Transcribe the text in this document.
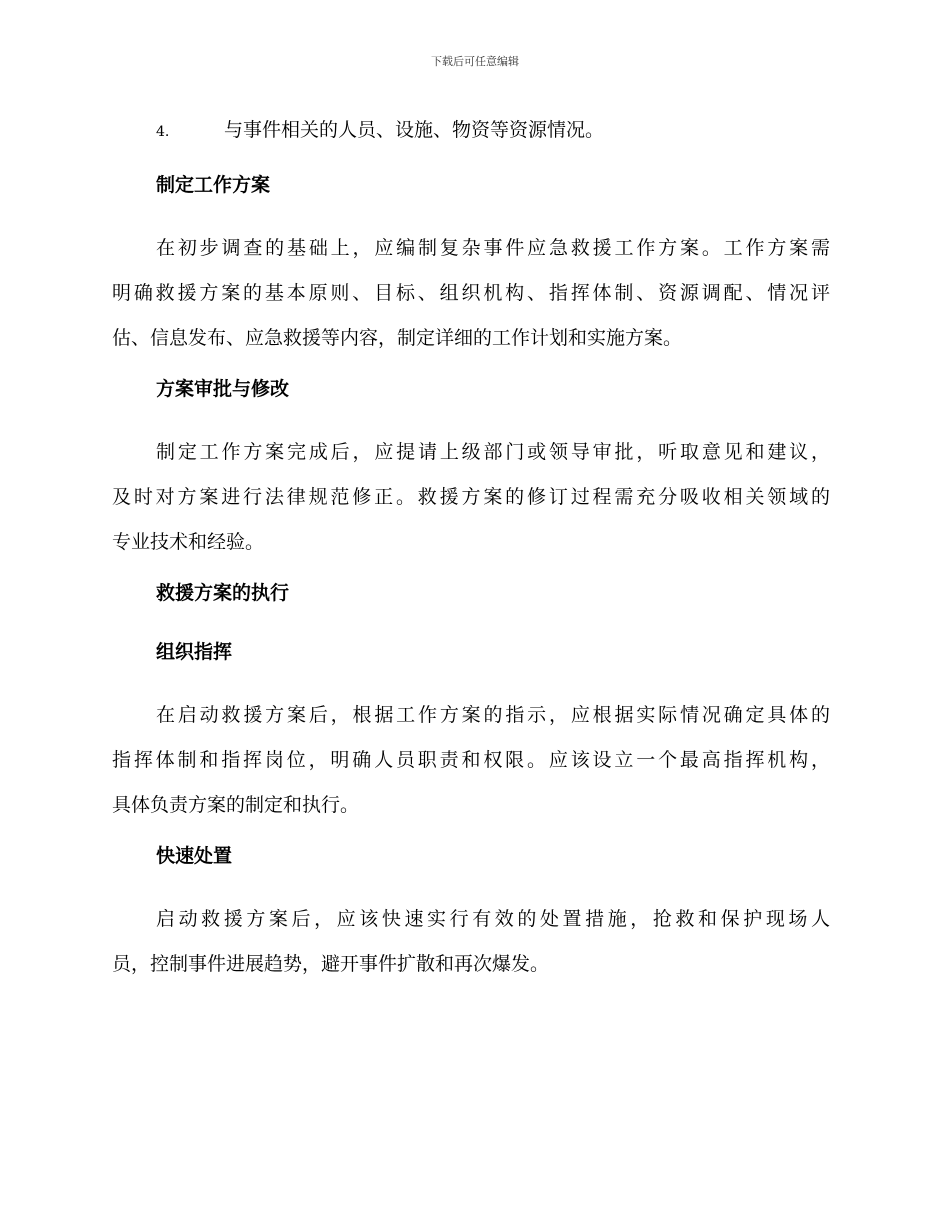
下载后可任意编辑
4.	与事件相关的人员、设施、物资等资源情况。
制定工作方案
在初步调查的基础上，应编制复杂事件应急救援工作方案。工作方案需
明确救援方案的基本原则、目标、组织机构、指挥体制、资源调配、情况评
估、信息发布、应急救援等内容，制定详细的工作计划和实施方案。
方案审批与修改
制定工作方案完成后，应提请上级部门或领导审批，听取意见和建议，
及时对方案进行法律规范修正。救援方案的修订过程需充分吸收相关领域的
专业技术和经验。
救援方案的执行
组织指挥
在启动救援方案后，根据工作方案的指示，应根据实际情况确定具体的
指挥体制和指挥岗位，明确人员职责和权限。应该设立一个最高指挥机构，
具体负责方案的制定和执行。
快速处置
启动救援方案后，应该快速实行有效的处置措施，抢救和保护现场人
员，控制事件进展趋势，避开事件扩散和再次爆发。
